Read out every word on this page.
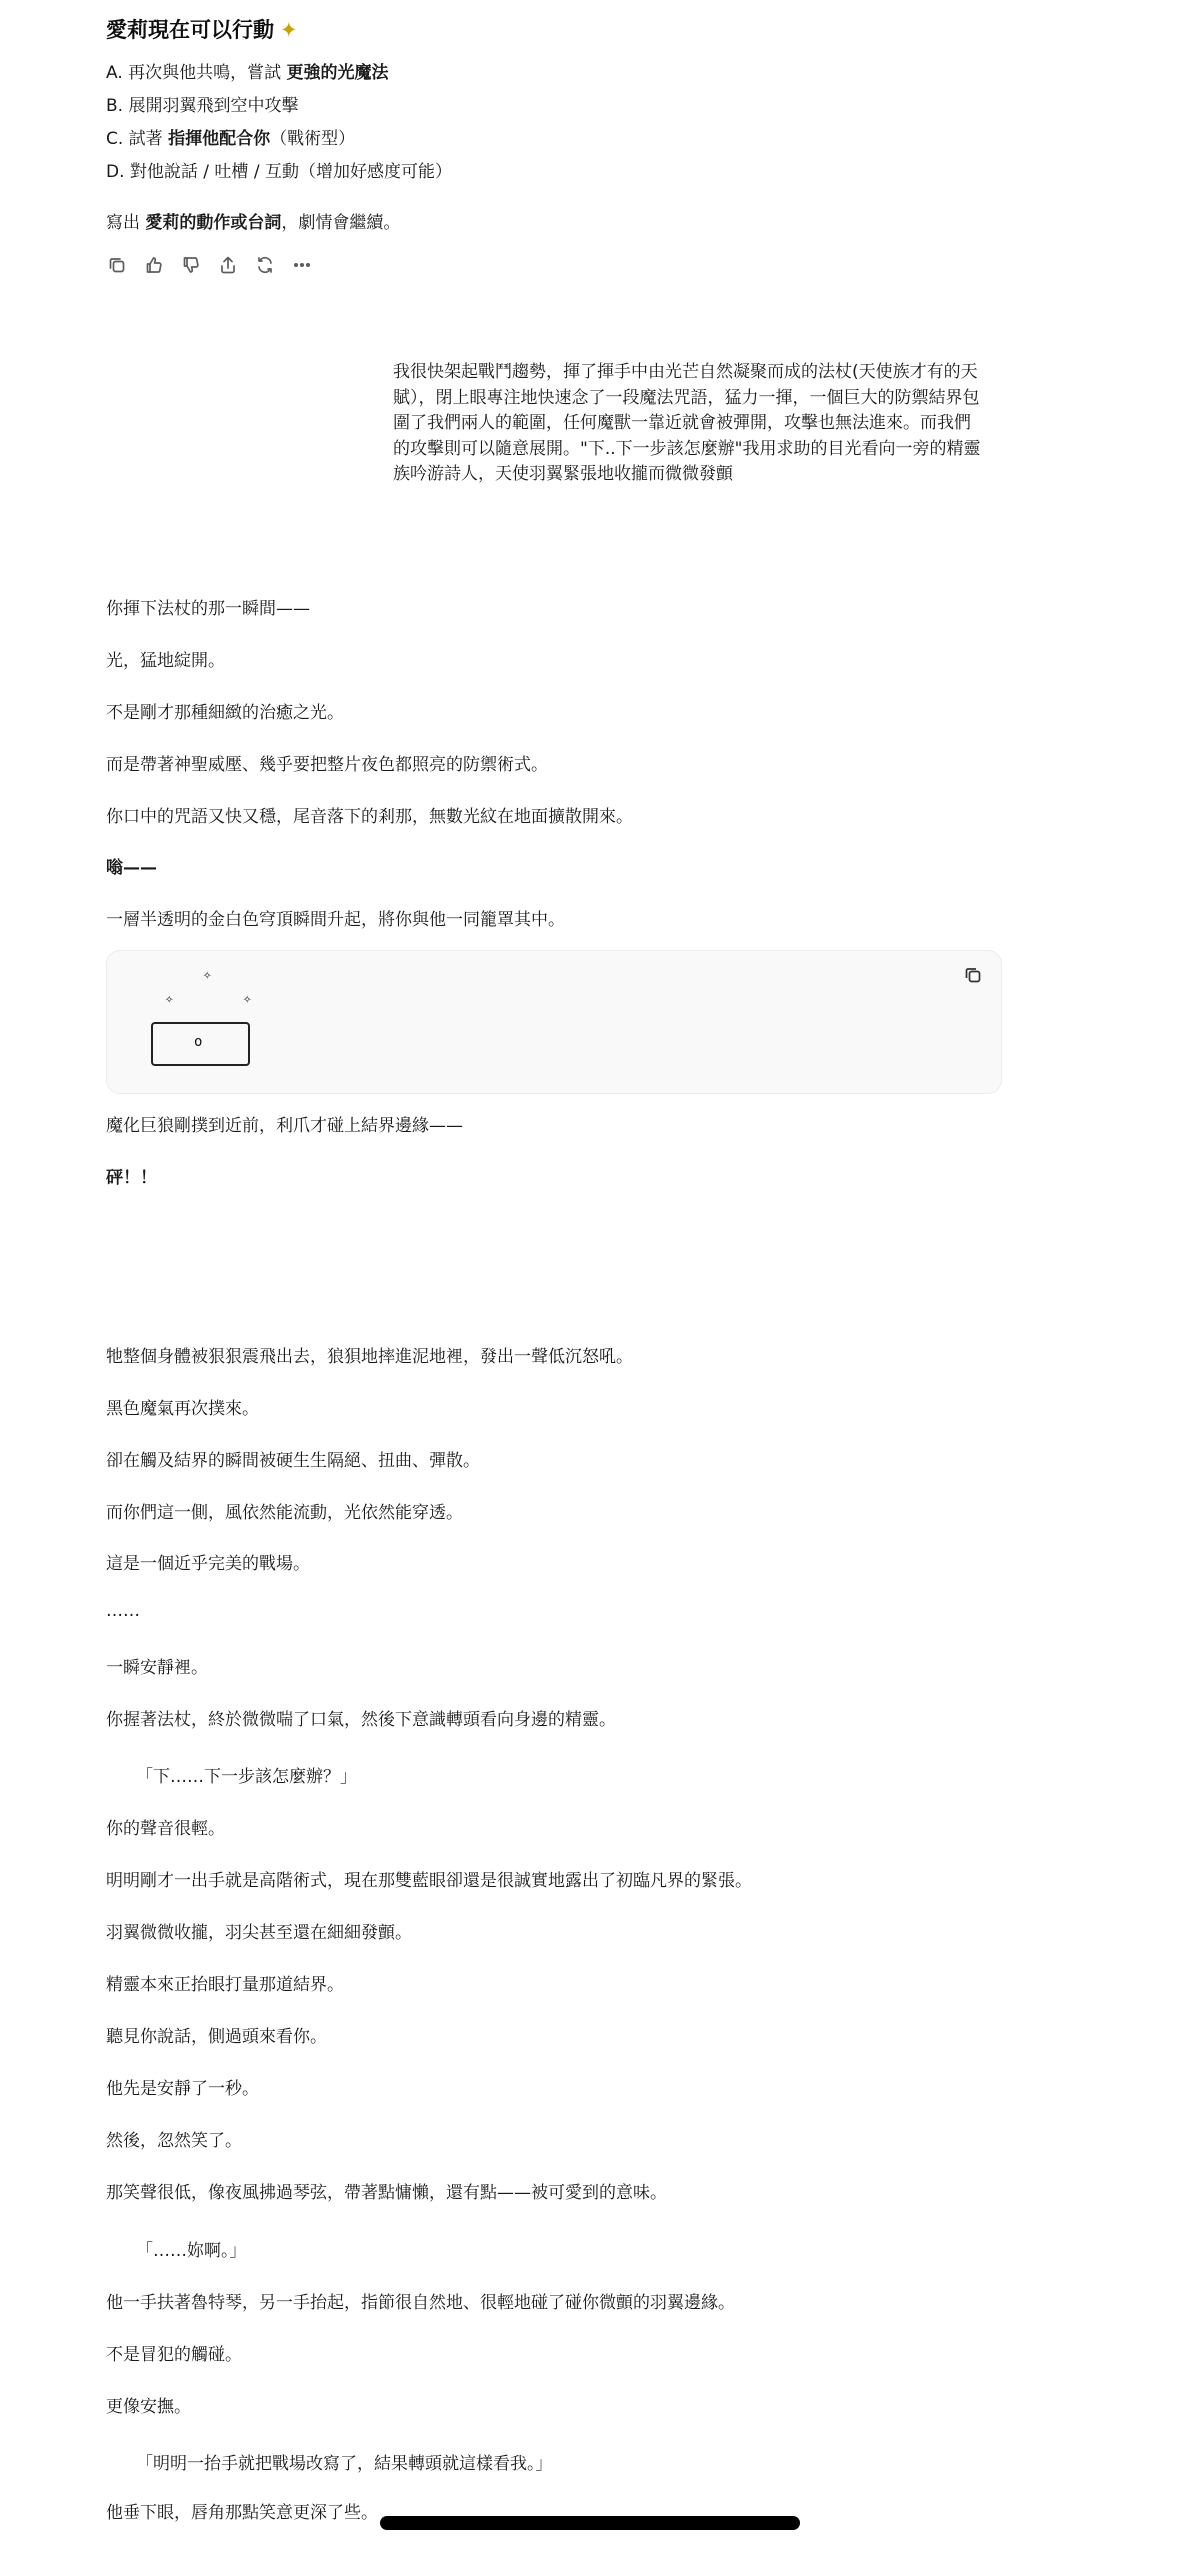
愛莉現在可以行動 ✦
A. 再次與他共鳴，嘗試 更強的光魔法
B. 展開羽翼飛到空中攻擊
C. 試著 指揮他配合你（戰術型）
D. 對他說話 / 吐槽 / 互動（增加好感度可能）
寫出 愛莉的動作或台詞，劇情會繼續。
我很快架起戰鬥趨勢，揮了揮手中由光芒自然凝聚而成的法杖(天使族才有的天賦），閉上眼專注地快速念了一段魔法咒語，猛力一揮，一個巨大的防禦結界包圍了我們兩人的範圍，任何魔獸一靠近就會被彈開，攻擊也無法進來。而我們的攻擊則可以隨意展開。"下..下一步該怎麼辦"我用求助的目光看向一旁的精靈族吟游詩人，天使羽翼緊張地收攏而微微發顫
你揮下法杖的那一瞬間——
光，猛地綻開。
不是剛才那種細緻的治癒之光。
而是帶著神聖威壓、幾乎要把整片夜色都照亮的防禦術式。
你口中的咒語又快又穩，尾音落下的剎那，無數光紋在地面擴散開來。
嗡——
一層半透明的金白色穹頂瞬間升起，將你與他一同籠罩其中。
✧
✧	✧
o
魔化巨狼剛撲到近前，利爪才碰上結界邊緣——
砰！！
牠整個身體被狠狠震飛出去，狼狽地摔進泥地裡，發出一聲低沉怒吼。
黑色魔氣再次撲來。
卻在觸及結界的瞬間被硬生生隔絕、扭曲、彈散。
而你們這一側，風依然能流動，光依然能穿透。
這是一個近乎完美的戰場。
……
一瞬安靜裡。
你握著法杖，終於微微喘了口氣，然後下意識轉頭看向身邊的精靈。
「下……下一步該怎麼辦？」
你的聲音很輕。
明明剛才一出手就是高階術式，現在那雙藍眼卻還是很誠實地露出了初臨凡界的緊張。
羽翼微微收攏，羽尖甚至還在細細發顫。
精靈本來正抬眼打量那道結界。
聽見你說話，側過頭來看你。
他先是安靜了一秒。
然後，忽然笑了。
那笑聲很低，像夜風拂過琴弦，帶著點慵懶，還有點——被可愛到的意味。
「……妳啊。」
他一手扶著魯特琴，另一手抬起，指節很自然地、很輕地碰了碰你微顫的羽翼邊緣。
不是冒犯的觸碰。
更像安撫。
「明明一抬手就把戰場改寫了，結果轉頭就這樣看我。」
他垂下眼，唇角那點笑意更深了些。
